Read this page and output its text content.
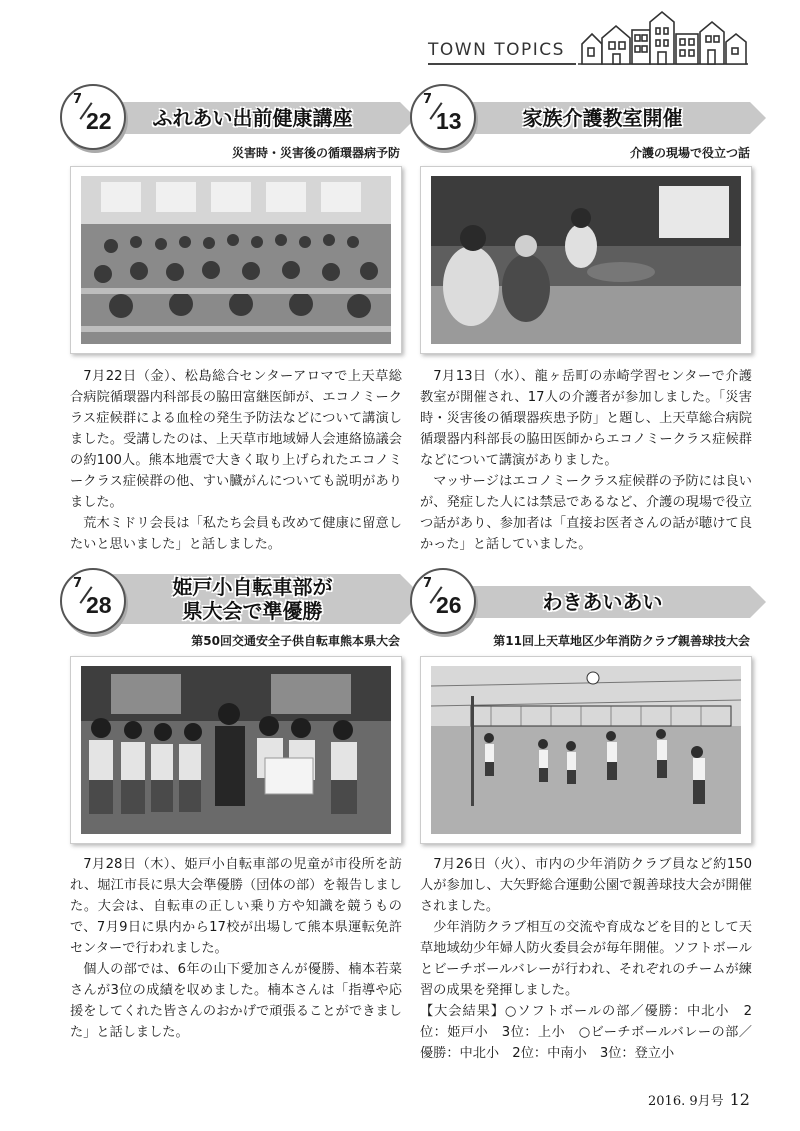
TOWN TOPICS
ふれあい出前健康講座
7
22
災害時・災害後の循環器病予防

7月22日（金）、松島総合センターアロマで上天草総合病院循環器内科部長の脇田富継医師が、エコノミークラス症候群による血栓の発生予防法などについて講演しました。受講したのは、上天草市地域婦人会連絡協議会の約100人。熊本地震で大きく取り上げられたエコノミークラス症候群の他、すい臓がんについても説明がありました。

荒木ミドリ会長は「私たち会員も改めて健康に留意したいと思いました」と話しました。

家族介護教室開催
7
13
介護の現場で役立つ話

7月13日（水）、龍ヶ岳町の赤崎学習センターで介護教室が開催され、17人の介護者が参加しました。「災害時・災害後の循環器疾患予防」と題し、上天草総合病院循環器内科部長の脇田医師からエコノミークラス症候群などについて講演がありました。

マッサージはエコノミークラス症候群の予防には良いが、発症した人には禁忌であるなど、介護の現場で役立つ話があり、参加者は「直接お医者さんの話が聴けて良かった」と話していました。

姫戸小自転車部が
県大会で準優勝
7
28
第50回交通安全子供自転車熊本県大会

7月28日（木）、姫戸小自転車部の児童が市役所を訪れ、堀江市長に県大会準優勝（団体の部）を報告しました。大会は、自転車の正しい乗り方や知識を競うもので、7月9日に県内から17校が出場して熊本県運転免許センターで行われました。

個人の部では、6年の山下愛加さんが優勝、楠本若菜さんが3位の成績を収めました。楠本さんは「指導や応援をしてくれた皆さんのおかげで頑張ることができました」と話しました。

わきあいあい
7
26
第11回上天草地区少年消防クラブ親善球技大会

7月26日（火）、市内の少年消防クラブ員など約150人が参加し、大矢野総合運動公園で親善球技大会が開催されました。

少年消防クラブ相互の交流や育成などを目的として天草地域幼少年婦人防火委員会が毎年開催。ソフトボールとビーチボールバレーが行われ、それぞれのチームが練習の成果を発揮しました。

【大会結果】○ソフトボールの部／優勝：中北小　2位：姫戸小　3位：上小　○ビーチボールバレーの部／優勝：中北小　2位：中南小　3位：登立小

2016. 9月号 12
